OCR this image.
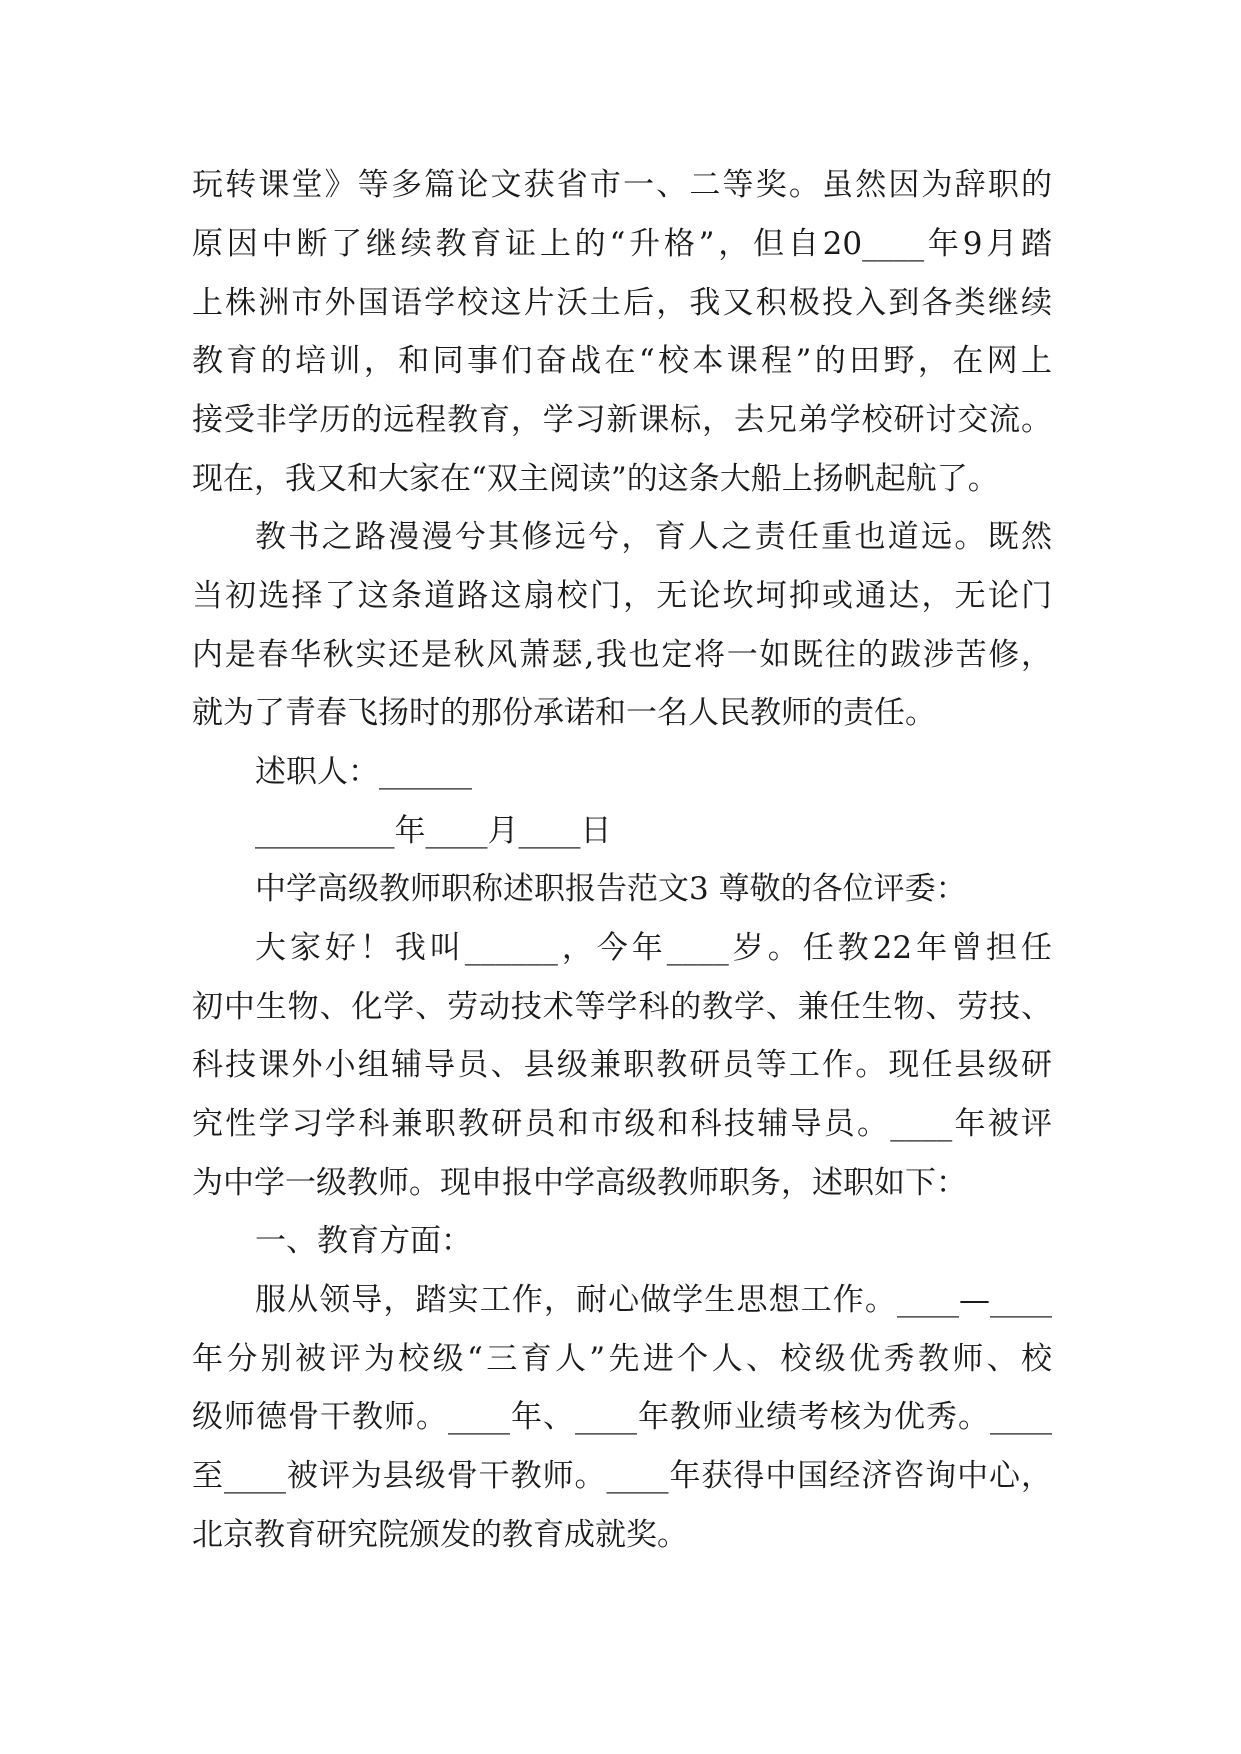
玩转课堂》等多篇论文获省市一、二等奖。虽然因为辞职的
原因中断了继续教育证上的“升格”，但自20____年9月踏
上株洲市外国语学校这片沃土后，我又积极投入到各类继续
教育的培训，和同事们奋战在“校本课程”的田野，在网上
接受非学历的远程教育，学习新课标，去兄弟学校研讨交流。
现在，我又和大家在“双主阅读”的这条大船上扬帆起航了。
教书之路漫漫兮其修远兮，育人之责任重也道远。既然
当初选择了这条道路这扇校门，无论坎坷抑或通达，无论门
内是春华秋实还是秋风萧瑟,我也定将一如既往的跋涉苦修，
就为了青春飞扬时的那份承诺和一名人民教师的责任。
述职人：______
_________年____月____日
中学高级教师职称述职报告范文3 尊敬的各位评委：
大家好！我叫______，今年____岁。任教22年曾担任
初中生物、化学、劳动技术等学科的教学、兼任生物、劳技、
科技课外小组辅导员、县级兼职教研员等工作。现任县级研
究性学习学科兼职教研员和市级和科技辅导员。____年被评
为中学一级教师。现申报中学高级教师职务，述职如下：
一、教育方面：
服从领导，踏实工作，耐心做学生思想工作。____—____
年分别被评为校级“三育人”先进个人、校级优秀教师、校
级师德骨干教师。____年、____年教师业绩考核为优秀。____
至____被评为县级骨干教师。____年获得中国经济咨询中心，
北京教育研究院颁发的教育成就奖。
